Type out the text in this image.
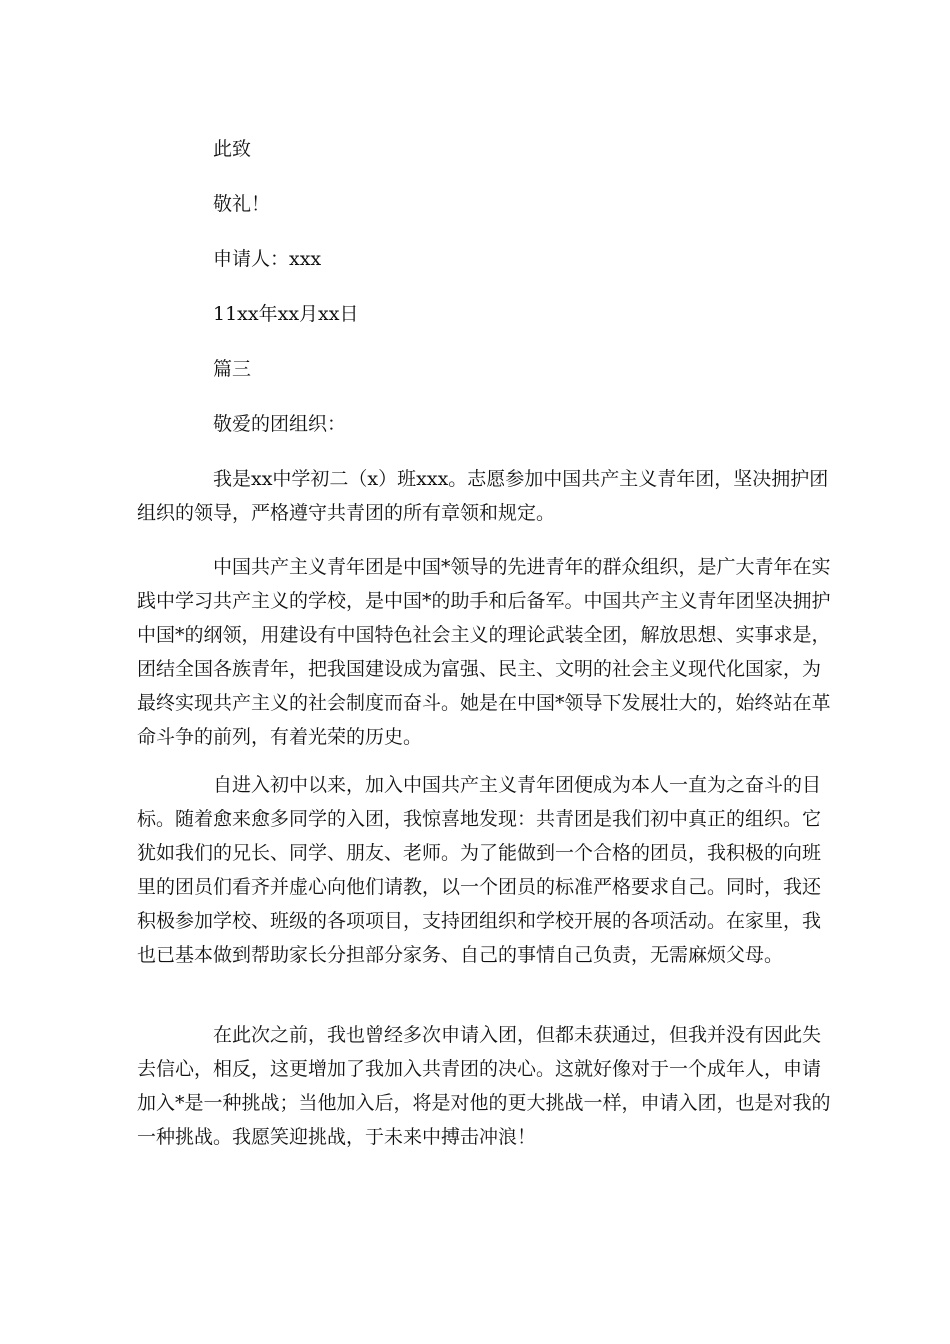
此致
敬礼！
申请人：xxx
11xx年xx月xx日
篇三
敬爱的团组织：

我是xx中学初二（x）班xxx。志愿参加中国共产主义青年团，坚决拥护团组织的领导，严格遵守共青团的所有章领和规定。

中国共产主义青年团是中国*领导的先进青年的群众组织，是广大青年在实践中学习共产主义的学校，是中国*的助手和后备军。中国共产主义青年团坚决拥护中国*的纲领，用建设有中国特色社会主义的理论武装全团，解放思想、实事求是，团结全国各族青年，把我国建设成为富强、民主、文明的社会主义现代化国家，为最终实现共产主义的社会制度而奋斗。她是在中国*领导下发展壮大的，始终站在革命斗争的前列，有着光荣的历史。

自进入初中以来，加入中国共产主义青年团便成为本人一直为之奋斗的目标。随着愈来愈多同学的入团，我惊喜地发现：共青团是我们初中真正的组织。它犹如我们的兄长、同学、朋友、老师。为了能做到一个合格的团员，我积极的向班里的团员们看齐并虚心向他们请教，以一个团员的标准严格要求自己。同时，我还积极参加学校、班级的各项项目，支持团组织和学校开展的各项活动。在家里，我也已基本做到帮助家长分担部分家务、自己的事情自己负责，无需麻烦父母。

在此次之前，我也曾经多次申请入团，但都未获通过，但我并没有因此失去信心，相反，这更增加了我加入共青团的决心。这就好像对于一个成年人，申请加入*是一种挑战；当他加入后，将是对他的更大挑战一样，申请入团，也是对我的一种挑战。我愿笑迎挑战，于未来中搏击冲浪！
